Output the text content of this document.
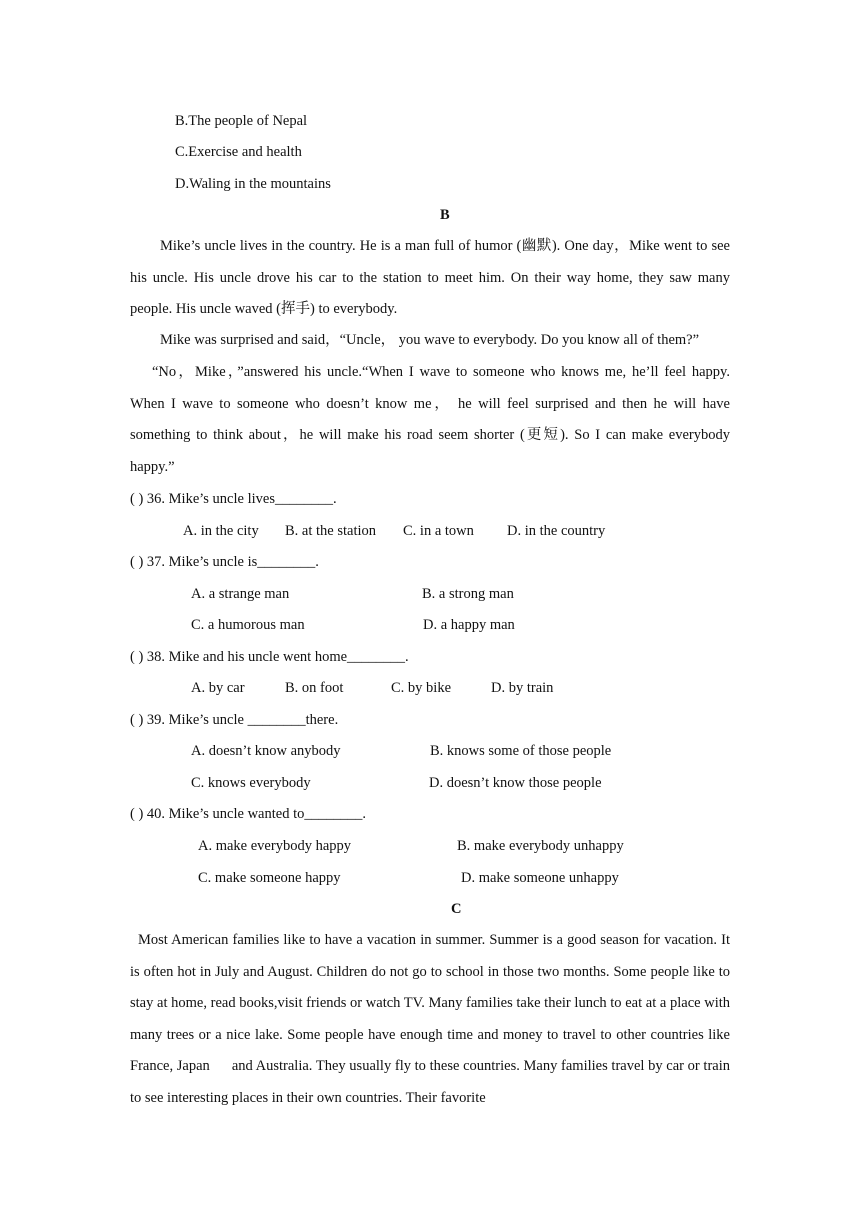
B.The people of Nepal
C.Exercise and health
D.Waling in the mountains
B
Mike’s uncle lives in the country. He is a man full of humor (幽默). One day，Mike went to see his uncle. His uncle drove his car to the station to meet him. On their way home, they saw many people. His uncle waved (挥手) to everybody.
Mike was surprised and said，“Uncle， you wave to everybody. Do you know all of them?”
“No，Mike，”answered his uncle.“When I wave to someone who knows me, he’ll feel happy. When I wave to someone who doesn’t know me， he will feel surprised and then he will have something to think about，he will make his road seem shorter (更短). So I can make everybody happy.”
( ) 36. Mike’s uncle lives________.
A. in the city B. at the station C. in a town D. in the country
( ) 37. Mike’s uncle is________.
A. a strange man	B. a strong man
C. a humorous man	D. a happy man
( ) 38. Mike and his uncle went home________.
A. by car	B. on foot	C. by bike	D. by train
( ) 39. Mike’s uncle ________there.
A. doesn’t know anybody	B. knows some of those people
C. knows everybody	D. doesn’t know those people
( ) 40. Mike’s uncle wanted to________.
A. make everybody happy	B. make everybody unhappy
C. make someone happy	D. make someone unhappy
C
Most American families like to have a vacation in summer. Summer is a good season for vacation. It is often hot in July and August. Children do not go to school in those two months. Some people like to stay at home, read books,visit friends or watch TV. Many families take their lunch to eat at a place with many trees or a nice lake. Some people have enough time and money to travel to other countries like France, Japan      and Australia. They usually fly to these countries. Many families travel by car or train to see interesting places in their own countries. Their favorite
